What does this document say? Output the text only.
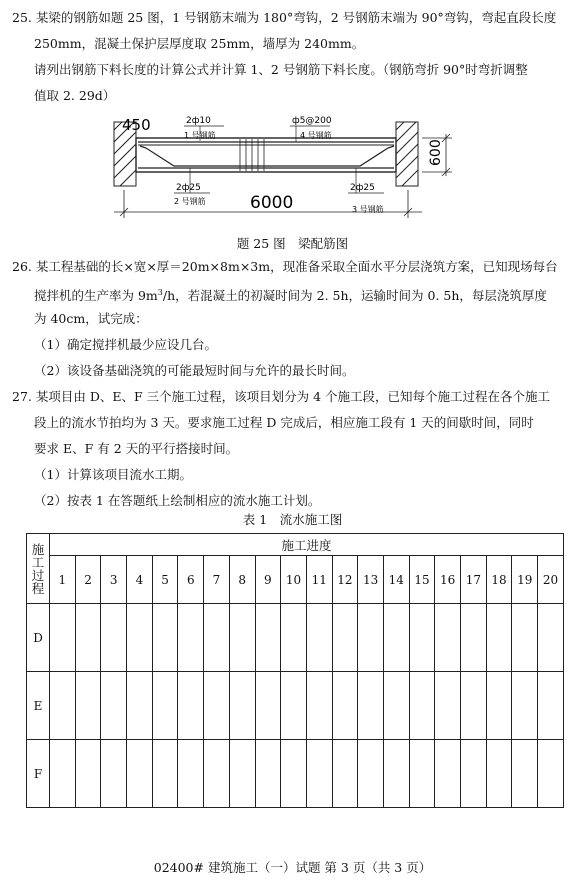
25. 某梁的钢筋如题 25 图，1 号钢筋末端为 180°弯钩，2 号钢筋末端为 90°弯钩，弯起直段长度
250mm，混凝土保护层厚度取 25mm，墙厚为 240mm。
请列出钢筋下料长度的计算公式并计算 1、2 号钢筋下料长度。（钢筋弯折 90°时弯折调整
值取 2. 29d）
450	2ф10
1 号钢筋
ф5@200
4 号钢筋
600
2ф25
2 号钢筋
2ф25
3 号钢筋
6000
题 25 图　梁配筋图
26. 某工程基础的长×宽×厚＝20m×8m×3m，现准备采取全面水平分层浇筑方案，已知现场每台
搅拌机的生产率为 $9m^3/h$，若混凝土的初凝时间为 2. 5h，运输时间为 0. 5h，每层浇筑厚度
为 40cm，试完成：
（1）确定搅拌机最少应设几台。
（2）该设备基础浇筑的可能最短时间与允许的最长时间。
27. 某项目由 D、E、F 三个施工过程，该项目划分为 4 个施工段，已知每个施工过程在各个施工
段上的流水节拍均为 3 天。要求施工过程 D 完成后，相应施工段有 1 天的间歇时间，同时
要求 E、F 有 2 天的平行搭接时间。
（1）计算该项目流水工期。
（2）按表 1 在答题纸上绘制相应的流水施工计划。
表 1　流水施工图
施
工
过
程	施工进度																			
	1	2	3	4	5	6	7	8	9	10	11	12	13	14	15	16	17	18	19	20
D																				
E																				
F																				
02400# 建筑施工（一）试题 第 3 页（共 3 页）
